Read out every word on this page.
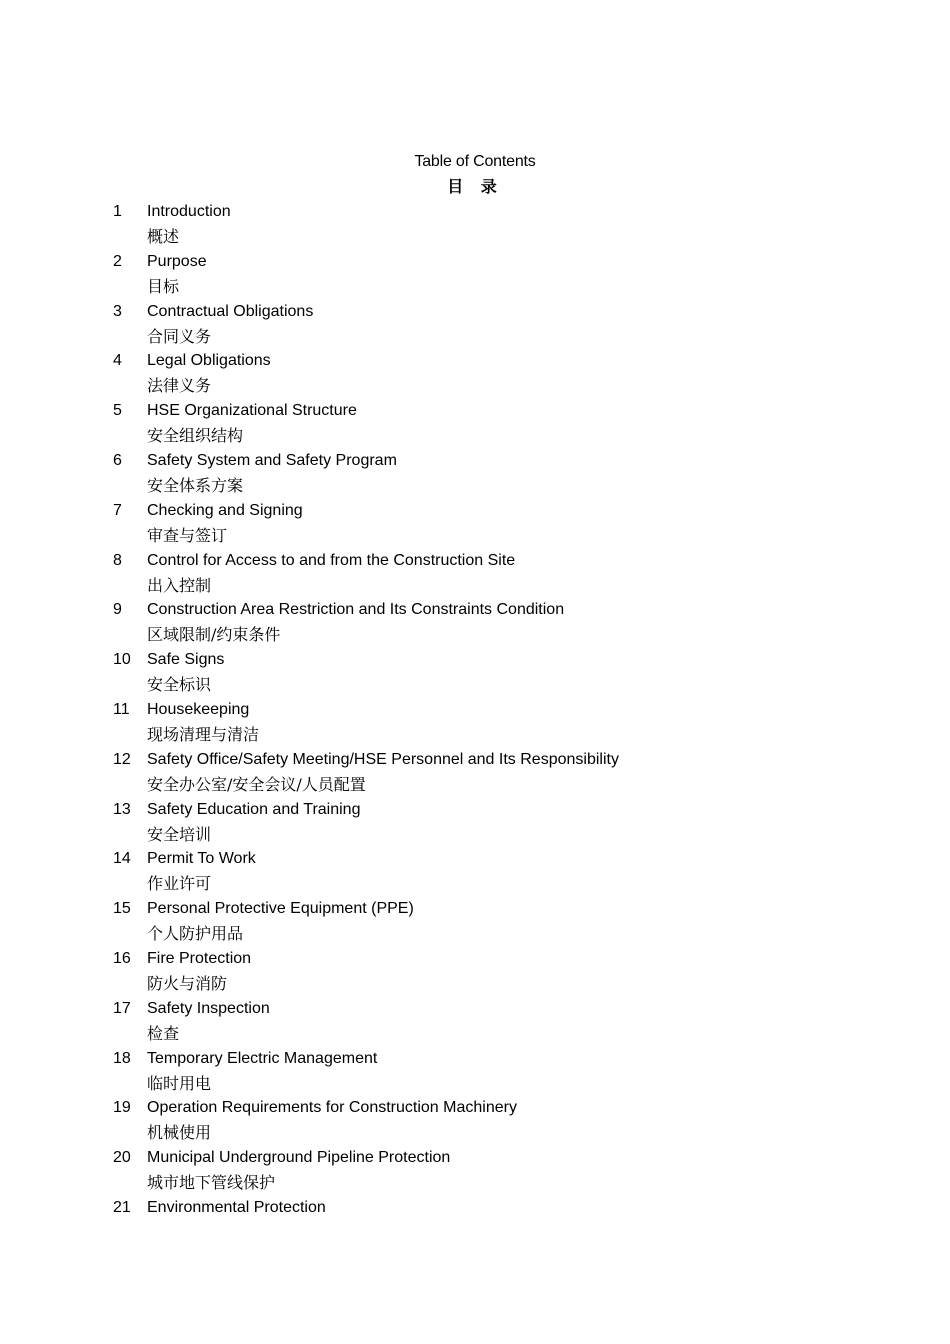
Table of Contents
目 录
1 Introduction
概述
2 Purpose
目标
3 Contractual Obligations
合同义务
4 Legal Obligations
法律义务
5 HSE Organizational Structure
安全组织结构
6 Safety System and Safety Program
安全体系方案
7 Checking and Signing
审查与签订
8 Control for Access to and from the Construction Site
出入控制
9 Construction Area Restriction and Its Constraints Condition
区域限制/约束条件
10 Safe Signs
安全标识
11 Housekeeping
现场清理与清洁
12 Safety Office/Safety Meeting/HSE Personnel and Its Responsibility
安全办公室/安全会议/人员配置
13 Safety Education and Training
安全培训
14 Permit To Work
作业许可
15 Personal Protective Equipment (PPE)
个人防护用品
16 Fire Protection
防火与消防
17 Safety Inspection
检查
18 Temporary Electric Management
临时用电
19 Operation Requirements for Construction Machinery
机械使用
20 Municipal Underground Pipeline Protection
城市地下管线保护
21 Environmental Protection
